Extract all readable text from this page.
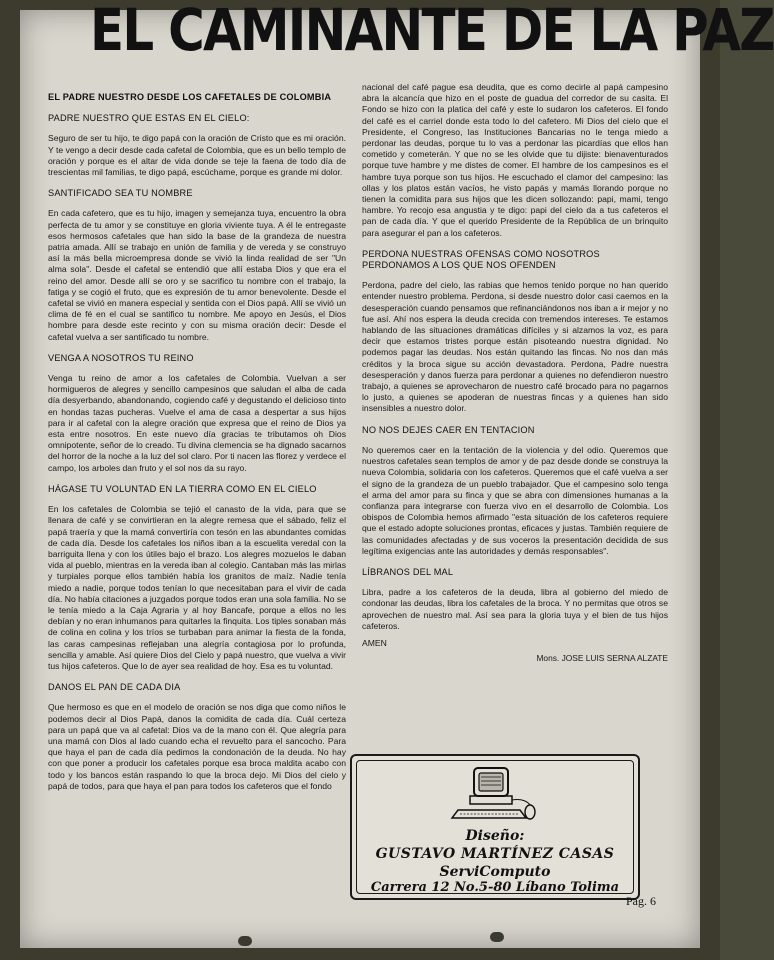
EL CAMINANTE DE LA PAZ
EL PADRE NUESTRO DESDE LOS CAFETALES DE COLOMBIA
PADRE NUESTRO QUE ESTAS EN EL CIELO:
Seguro de ser tu hijo, te digo papá con la oración de Cristo que es mi oración. Y te vengo a decir desde cada cafetal de Colombia, que es un bello templo de oración y porque es el altar de vida donde se teje la faena de todo día de trescientas mil familias, te digo papá, escúchame, porque es grande mi dolor.
SANTIFICADO SEA TU NOMBRE
En cada cafetero, que es tu hijo, imagen y semejanza tuya, encuentro la obra perfecta de tu amor y se constituye en gloria viviente tuya. A él le entregaste esos hermosos cafetales que han sido la base de la grandeza de nuestra patria amada. Allí se trabajo en unión de familia y de vereda y se construyo así la más bella microempresa donde se vivió la linda realidad de ser "Un alma sola". Desde el cafetal se entendió que allí estaba Dios y que era el reino del amor. Desde allí se oro y se sacrifico tu nombre con el trabajo, la fatiga y se cogió el fruto, que es expresión de tu amor benevolente. Desde el cafetal se vivió en manera especial y sentida con el Dios papá. Allí se vivió un clima de fé en el cual se santifico tu nombre. Me apoyo en Jesús, el Dios hombre para desde este recinto y con su misma oración decir: Desde el cafetal vuelva a ser santificado tu nombre.
VENGA A NOSOTROS TU REINO
Venga tu reino de amor a los cafetales de Colombia. Vuelvan a ser hormigueros de alegres y sencillo campesinos que saludan el alba de cada día desyerbando, abandonando, cogiendo café y degustando el delicioso tinto en hondas tazas pucheras. Vuelve el ama de casa a despertar a sus hijos para ir al cafetal con la alegre oración que expresa que el reino de Dios ya esta entre nosotros. En este nuevo día gracias te tributamos oh Dios omnipotente, señor de lo creado. Tu divina clemencia se ha dignado sacarnos del horror de la noche a la luz del sol claro. Por ti nacen las florez y verdece el campo, los arboles dan fruto y el sol nos da su rayo.
HÁGASE TU VOLUNTAD EN LA TIERRA COMO EN EL CIELO
En los cafetales de Colombia se tejió el canasto de la vida, para que se llenara de café y se convirtieran en la alegre remesa que el sábado, feliz el papá traería y que la mamá convertiría con tesón en las abundantes comidas de cada día. Desde los cafetales los niños iban a la escuelita veredal con la barriguita llena y con los útiles bajo el brazo. Los alegres mozuelos le daban vida al pueblo, mientras en la vereda iban al colegio. Cantaban más las mirlas y turpiales porque ellos también había los granitos de maíz. Nadie tenía miedo a nadie, porque todos tenían lo que necesitaban para el vivir de cada día. No había citaciones a juzgados porque todos eran una sola familia. No se le tenía miedo a la Caja Agraria y al hoy Bancafe, porque a ellos no les debían y no eran inhumanos para quitarles la finquita. Los tiples sonaban más de colina en colina y los tríos se turbaban para animar la fiesta de la fonda, las caras campesinas reflejaban una alegría contagiosa por lo profunda, sencilla y amable. Así quiere Dios del Cielo y papá nuestro, que vuelva a vivir tus hijos cafeteros. Que lo de ayer sea realidad de hoy. Esa es tu voluntad.
DANOS EL PAN DE CADA DIA
Que hermoso es que en el modelo de oración se nos diga que como niños le podemos decir al Dios Papá, danos la comidita de cada día. Cuál certeza para un papá que va al cafetal: Dios va de la mano con él. Que alegría para una mamá con Dios al lado cuando echa el revuelto para el sancocho. Para que haya el pan de cada día pedimos la condonación de la deuda. No hay con que poner a producir los cafetales porque esa broca maldita acabo con todo y los bancos están raspando lo que la broca dejo. Mi Dios del cielo y papá de todos, para que haya el pan para todos los cafeteros que el fondo
nacional del café pague esa deudita, que es como decirle al papá campesino abra la alcancía que hizo en el poste de guadua del corredor de su casita. El Fondo se hizo con la platica del café y este lo sudaron los cafeteros. El fondo del café es el carriel donde esta todo lo del cafetero. Mi Dios del cielo que el Presidente, el Congreso, las Instituciones Bancarias no le tenga miedo a perdonar las deudas, porque tu lo vas a perdonar las picardías que ellos han cometido y cometerán. Y que no se les olvide que tu dijiste: bienaventurados porque tuve hambre y me distes de comer. El hambre de los campesinos es el hambre tuya porque son tus hijos. He escuchado el clamor del campesino: las ollas y los platos están vacíos, he visto papás y mamás llorando porque no tienen la comidita para sus hijos que les dicen sollozando: papi, mami, tengo hambre. Yo recojo esa angustia y te digo: papi del cielo da a tus cafeteros el pan de cada día. Y que el querido Presidente de la República de un brinquito para asegurar el pan a los cafeteros.
PERDONA NUESTRAS OFENSAS COMO NOSOTROS PERDONAMOS A LOS QUE NOS OFENDEN
Perdona, padre del cielo, las rabias que hemos tenido porque no han querido entender nuestro problema. Perdona, si desde nuestro dolor casi caemos en la desesperación cuando pensamos que refinanciándonos nos iban a ir mejor y no fue así. Ahí nos espera la deuda crecida con tremendos intereses. Te estamos hablando de las situaciones dramáticas difíciles y si alzamos la voz, es para decir que estamos tristes porque están pisoteando nuestra dignidad. No podemos pagar las deudas. Nos están quitando las fincas. No nos dan más créditos y la broca sigue su acción devastadora. Perdona, Padre nuestra desesperación y danos fuerza para perdonar a quienes no defendieron nuestro trabajo, a quienes se aprovecharon de nuestro café brocado para no pagarnos lo justo, a quienes se apoderan de nuestras fincas y a quienes han sido insensibles a nuestro dolor.
NO NOS DEJES CAER EN TENTACION
No queremos caer en la tentación de la violencia y del odio. Queremos que nuestros cafetales sean templos de amor y de paz desde donde se construya la nueva Colombia, solidaria con los cafeteros. Queremos que el café vuelva a ser el signo de la grandeza de un pueblo trabajador. Que el campesino solo tenga el arma del amor para su finca y que se abra con dimensiones humanas a la confianza para integrarse con fuerza vivo en el desarrollo de Colombia. Los obispos de Colombia hemos afirmado "esta situación de los cafeteros requiere que el estado adopte soluciones prontas, eficaces y justas. También requiere de las comunidades afectadas y de sus voceros la presentación decidida de sus legítima exigencias ante las autoridades y demás responsables".
LÍBRANOS DEL MAL
Libra, padre a los cafeteros de la deuda, libra al gobierno del miedo de condonar las deudas, libra los cafetales de la broca. Y no permitas que otros se aprovechen de nuestro mal. Así sea para la gloria tuya y el bien de tus hijos cafeteros.
AMEN
Mons. JOSE LUIS SERNA ALZATE
Diseño:
GUSTAVO MARTÍNEZ CASAS
ServiComputo
Carrera 12 No.5-80 Líbano Tolima
Pag. 6
